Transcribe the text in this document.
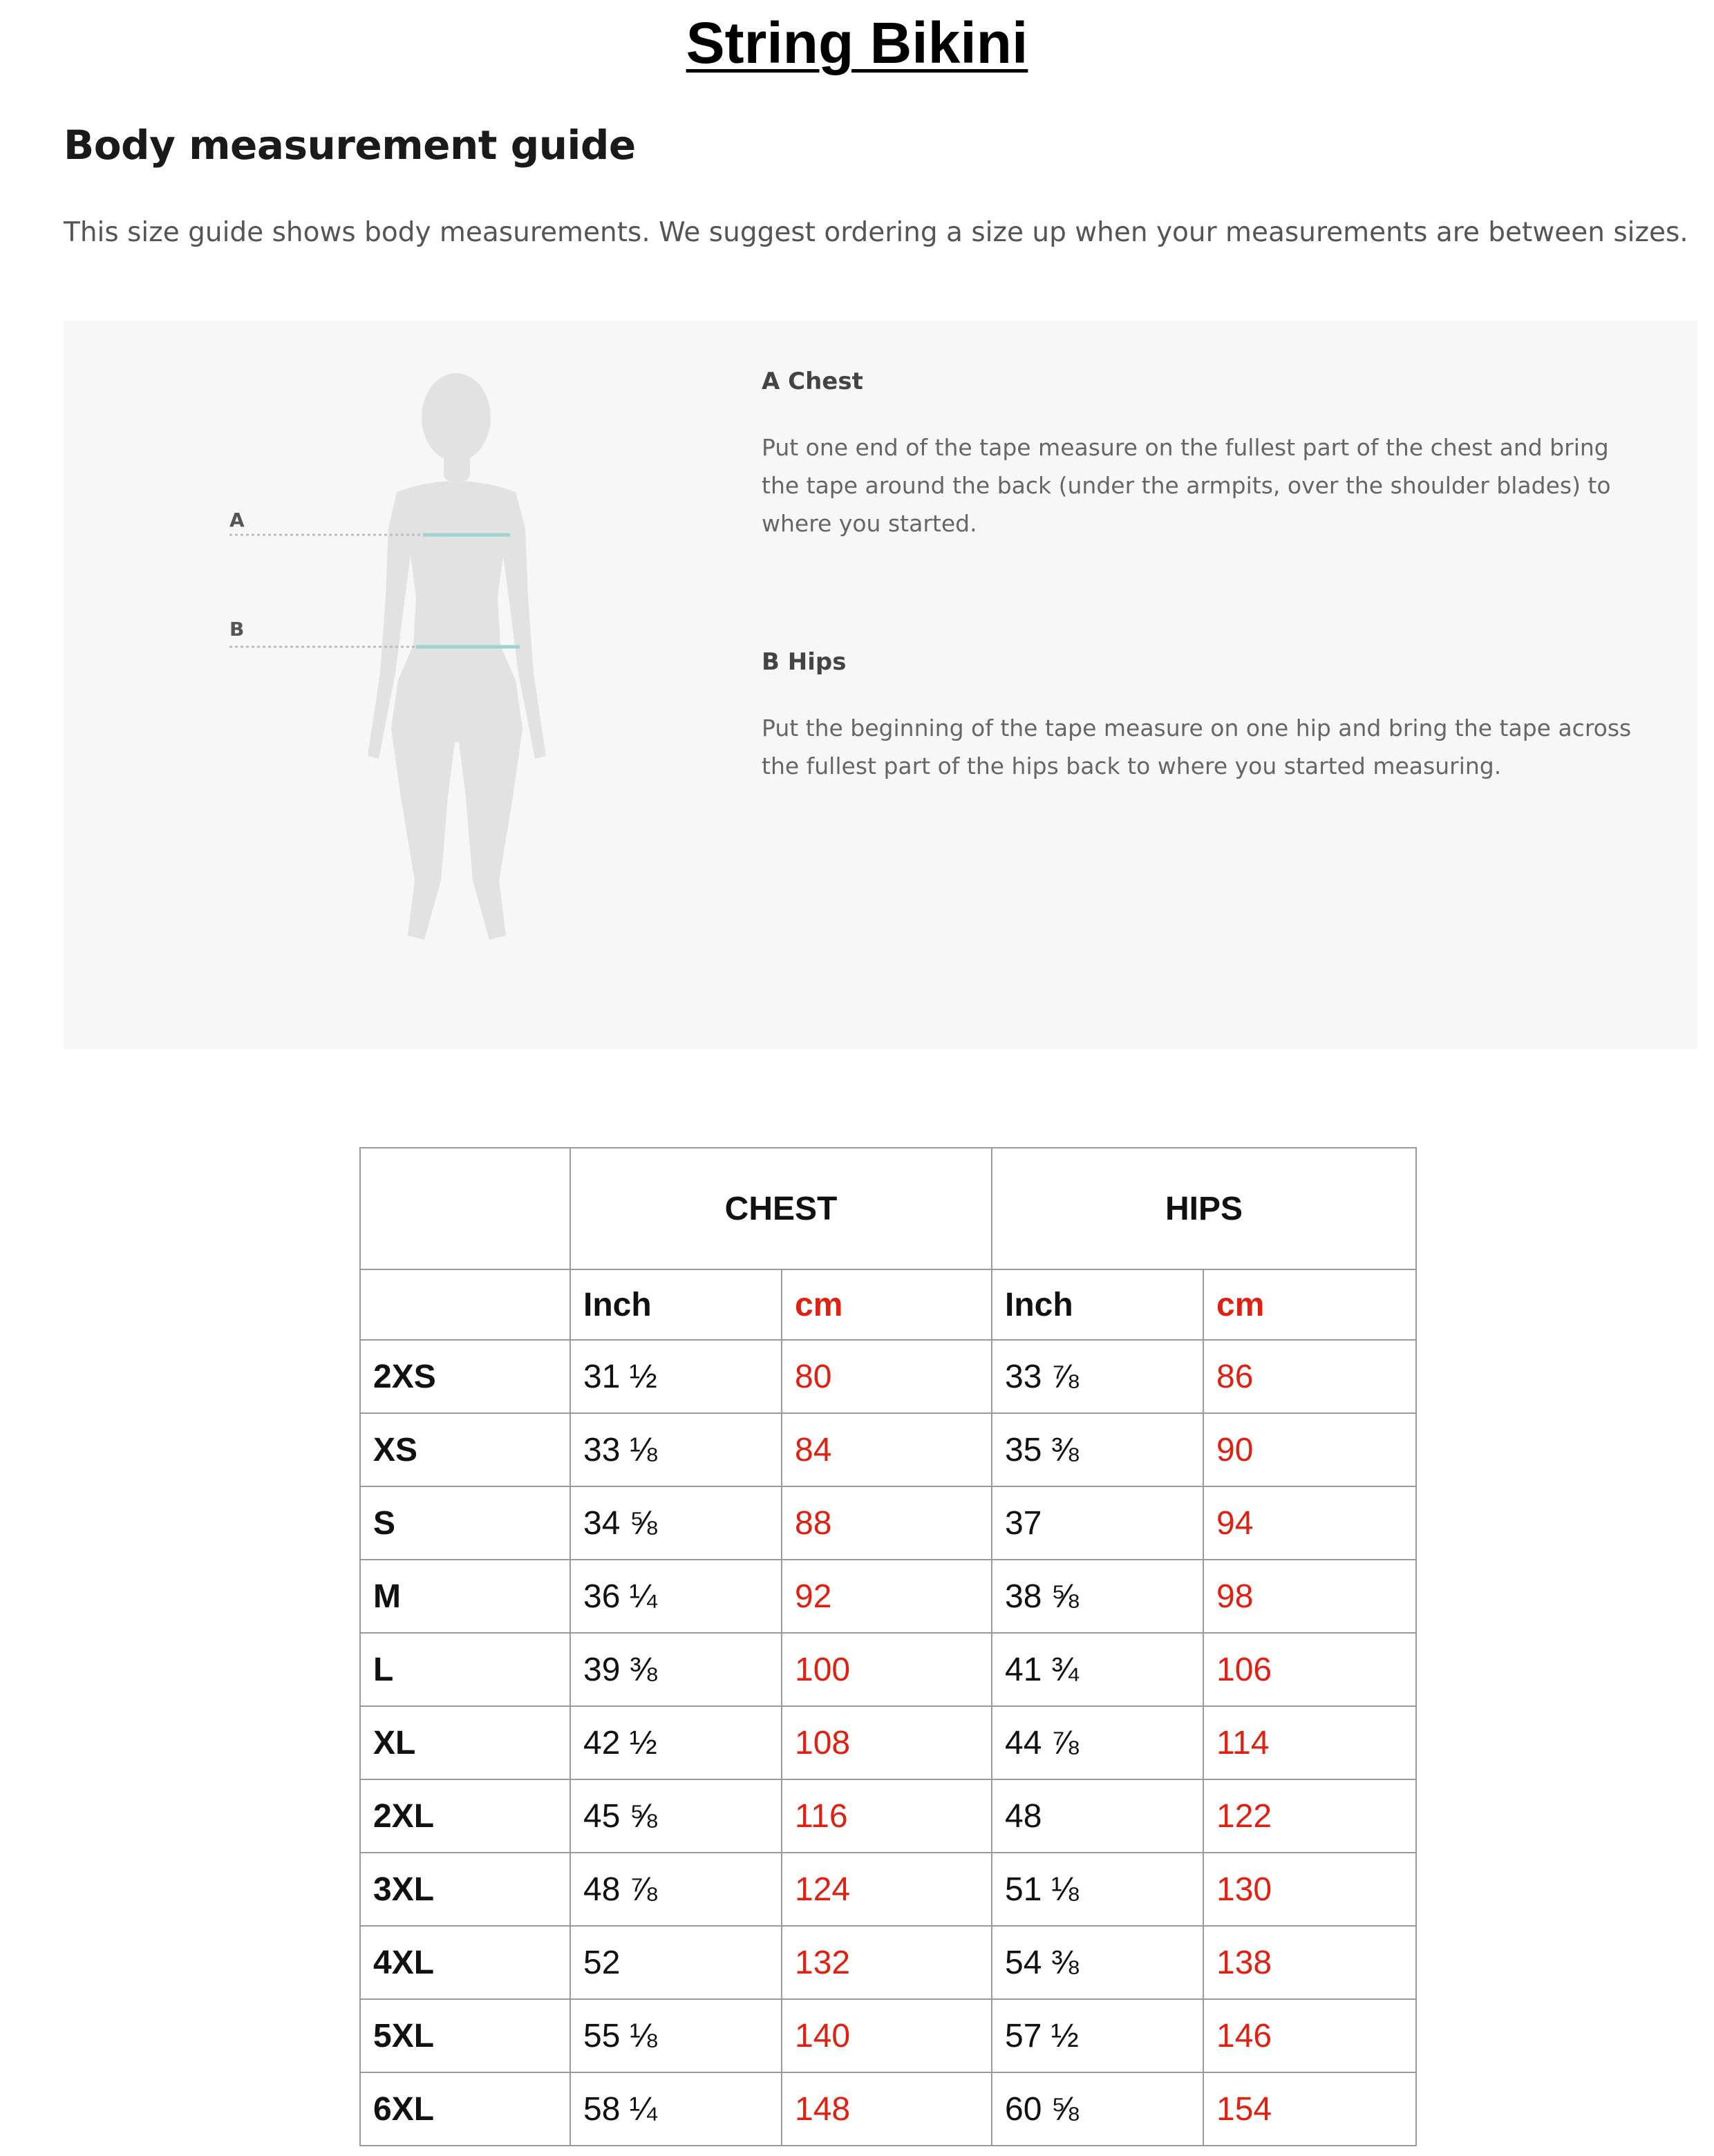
String Bikini
Body measurement guide
This size guide shows body measurements. We suggest ordering a size up when your measurements are between sizes.
A
B
A Chest
Put one end of the tape measure on the fullest part of the chest and bring the tape around the back (under the armpits, over the shoulder blades) to where you started.
B Hips
Put the beginning of the tape measure on one hip and bring the tape across the fullest part of the hips back to where you started measuring.
	CHEST		HIPS	
	Inch	cm	Inch	cm
2XS	31 ½	80	33 ⅞	86
XS	33 ⅛	84	35 ⅜	90
S	34 ⅝	88	37	94
M	36 ¼	92	38 ⅝	98
L	39 ⅜	100	41 ¾	106
XL	42 ½	108	44 ⅞	114
2XL	45 ⅝	116	48	122
3XL	48 ⅞	124	51 ⅛	130
4XL	52	132	54 ⅜	138
5XL	55 ⅛	140	57 ½	146
6XL	58 ¼	148	60 ⅝	154
